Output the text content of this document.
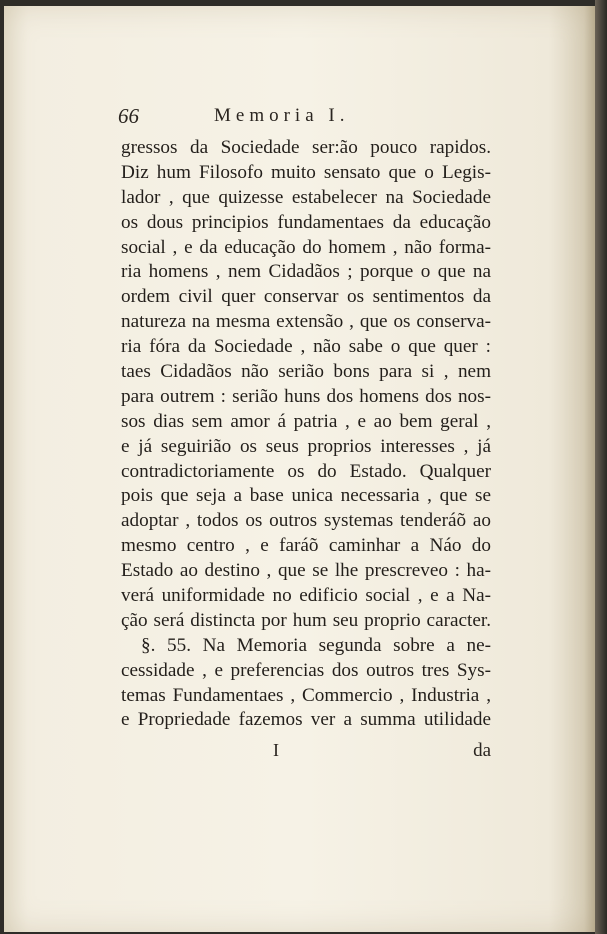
66	Memoria I.
gressos da Sociedade ser:ão pouco rapidos.
Diz hum Filosofo muito sensato que o Legis-
lador , que quizesse estabelecer na Sociedade
os dous principios fundamentaes da educação
social , e da educação do homem , não forma-
ria homens , nem Cidadãos ; porque o que na
ordem civil quer conservar os sentimentos da
natureza na mesma extensão , que os conserva-
ria fóra da Sociedade , não sabe o que quer :
taes Cidadãos não serião bons para si , nem
para outrem : serião huns dos homens dos nos-
sos dias sem amor á patria , e ao bem geral ,
e já seguirião os seus proprios interesses , já
contradictoriamente os do Estado. Qualquer
pois que seja a base unica necessaria , que se
adoptar , todos os outros systemas tenderáõ ao
mesmo centro , e faráõ caminhar a Náo do
Estado ao destino , que se lhe prescreveo : ha-
verá uniformidade no edificio social , e a Na-
ção será distincta por hum seu proprio caracter.
§. 55. Na Memoria segunda sobre a ne-
cessidade , e preferencias dos outros tres Sys-
temas Fundamentaes , Commercio , Industria ,
e Propriedade fazemos ver a summa utilidade
I	da
